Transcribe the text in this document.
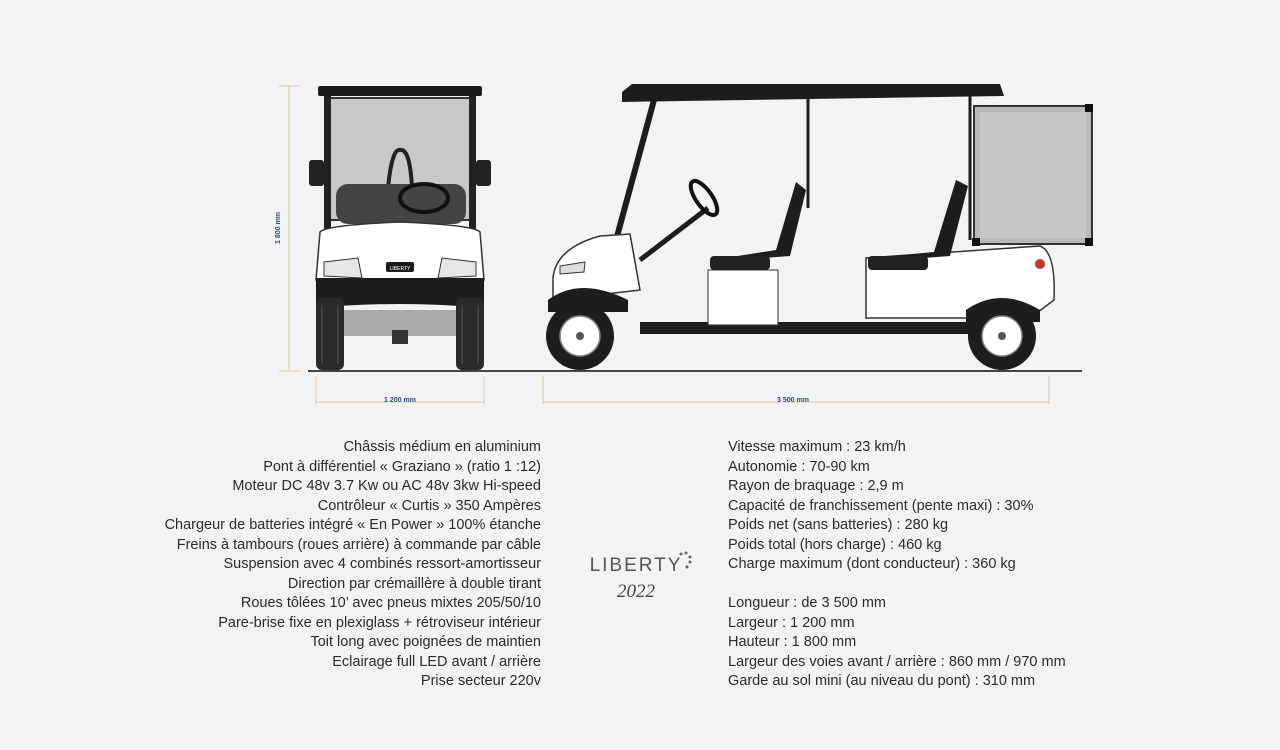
1 800 mm
LIBERTY
1 200 mm	3 500 mm
Châssis médium en aluminium
Pont à différentiel « Graziano » (ratio 1 :12)
Moteur DC 48v 3.7 Kw ou AC 48v 3kw Hi-speed
Contrôleur « Curtis » 350 Ampères
Chargeur de batteries intégré « En Power » 100% étanche
Freins à tambours (roues arrière) à commande par câble
Suspension avec 4 combinés ressort-amortisseur
Direction par crémaillère à double tirant
Roues tôlées 10’ avec pneus mixtes 205/50/10
Pare-brise fixe en plexiglass + rétroviseur intérieur
Toit long avec poignées de maintien
Eclairage full LED avant / arrière
Prise secteur 220v
LIBERTY
2022
Vitesse maximum : 23 km/h
Autonomie : 70-90 km
Rayon de braquage : 2,9 m
Capacité de franchissement (pente maxi) : 30%
Poids net (sans batteries) : 280 kg
Poids total (hors charge) : 460 kg
Charge maximum (dont conducteur) : 360 kg
Longueur : de 3 500 mm
Largeur : 1 200 mm
Hauteur : 1 800 mm
Largeur des voies avant / arrière : 860 mm / 970 mm
Garde au sol mini (au niveau du pont) : 310 mm
